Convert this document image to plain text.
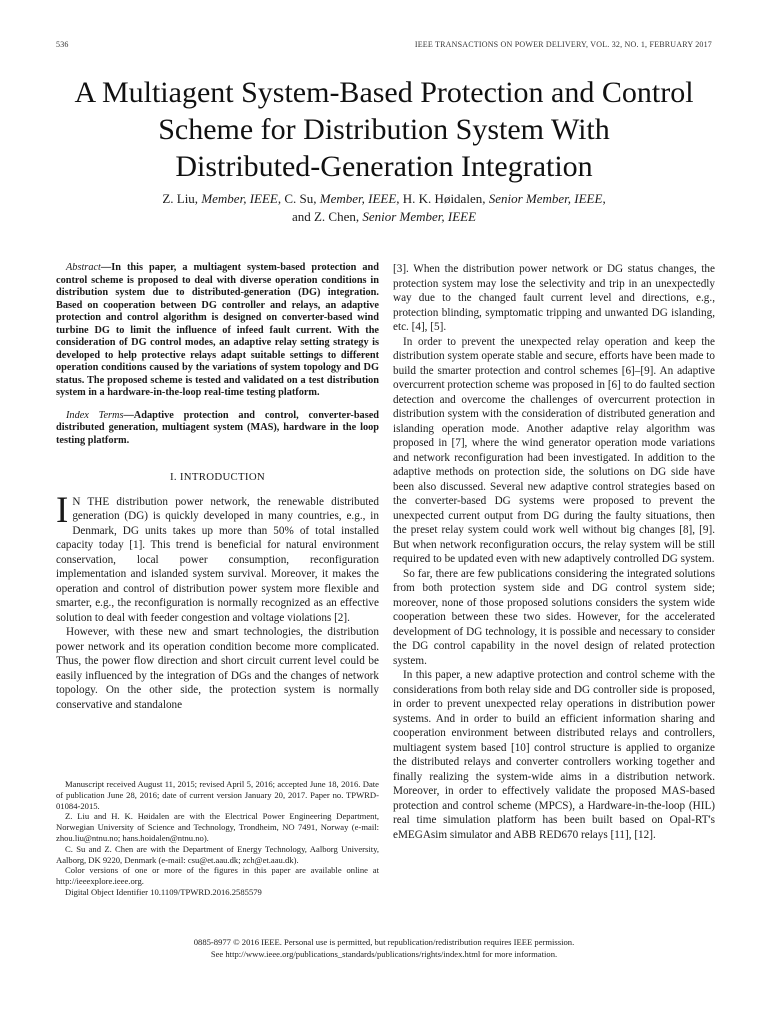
536	IEEE TRANSACTIONS ON POWER DELIVERY, VOL. 32, NO. 1, FEBRUARY 2017
A Multiagent System-Based Protection and Control
Scheme for Distribution System With
Distributed-Generation Integration
Z. Liu, Member, IEEE, C. Su, Member, IEEE, H. K. Høidalen, Senior Member, IEEE,
and Z. Chen, Senior Member, IEEE

Abstract—In this paper, a multiagent system-based protection and control scheme is proposed to deal with diverse operation conditions in distribution system due to distributed-generation (DG) integration. Based on cooperation between DG controller and relays, an adaptive protection and control algorithm is designed on converter-based wind turbine DG to limit the influence of infeed fault current. With the consideration of DG control modes, an adaptive relay setting strategy is developed to help protective relays adapt suitable settings to different operation conditions caused by the variations of system topology and DG status. The proposed scheme is tested and validated on a test distribution system in a hardware-in-the-loop real-time testing platform.

Index Terms—Adaptive protection and control, converter-based distributed generation, multiagent system (MAS), hardware in the loop testing platform.

I. INTRODUCTION

I N THE distribution power network, the renewable distributed generation (DG) is quickly developed in many countries, e.g., in Denmark, DG units takes up more than 50% of total installed capacity today [1]. This trend is beneficial for natural environment conservation, local power consumption, reconfiguration implementation and islanded system survival. Moreover, it makes the operation and control of distribution power system more flexible and smarter, e.g., the reconfiguration is normally recognized as an effective solution to deal with feeder congestion and voltage violations [2].

However, with these new and smart technologies, the distribution power network and its operation condition become more complicated. Thus, the power flow direction and short circuit current level could be easily influenced by the integration of DGs and the changes of network topology. On the other side, the protection system is normally conservative and standalone

Manuscript received August 11, 2015; revised April 5, 2016; accepted June 18, 2016. Date of publication June 28, 2016; date of current version January 20, 2017. Paper no. TPWRD-01084-2015.

Z. Liu and H. K. Høidalen are with the Electrical Power Engineering Department, Norwegian University of Science and Technology, Trondheim, NO 7491, Norway (e-mail: zhou.liu@ntnu.no; hans.hoidalen@ntnu.no).

C. Su and Z. Chen are with the Department of Energy Technology, Aalborg University, Aalborg, DK 9220, Denmark (e-mail: csu@et.aau.dk; zch@et.aau.dk).

Color versions of one or more of the figures in this paper are available online at http://ieeexplore.ieee.org.

Digital Object Identifier 10.1109/TPWRD.2016.2585579

[3]. When the distribution power network or DG status changes, the protection system may lose the selectivity and trip in an unexpectedly way due to the changed fault current level and directions, e.g., protection blinding, symptomatic tripping and unwanted DG islanding, etc. [4], [5].

In order to prevent the unexpected relay operation and keep the distribution system operate stable and secure, efforts have been made to build the smarter protection and control schemes [6]–[9]. An adaptive overcurrent protection scheme was proposed in [6] to do faulted section detection and overcome the challenges of overcurrent protection in distribution system with the consideration of distributed generation and islanding operation mode. Another adaptive relay algorithm was proposed in [7], where the wind generator operation mode variations and network reconfiguration had been investigated. In addition to the adaptive methods on protection side, the solutions on DG side have been also discussed. Several new adaptive control strategies based on the converter-based DG systems were proposed to prevent the unexpected current output from DG during the faulty situations, then the preset relay system could work well without big changes [8], [9]. But when network reconfiguration occurs, the relay system will be still required to be updated even with new adaptively controlled DG system.

So far, there are few publications considering the integrated solutions from both protection system side and DG control system side; moreover, none of those proposed solutions considers the system wide cooperation between these two sides. However, for the accelerated development of DG technology, it is possible and necessary to consider the DG control capability in the novel design of related protection system.

In this paper, a new adaptive protection and control scheme with the considerations from both relay side and DG controller side is proposed, in order to prevent unexpected relay operations in distribution power systems. And in order to build an efficient information sharing and cooperation environment between distributed relays and controllers, multiagent system based [10] control structure is applied to organize the distributed relays and converter controllers working together and finally realizing the system-wide aims in a distribution network. Moreover, in order to effectively validate the proposed MAS-based protection and control scheme (MPCS), a Hardware-in-the-loop (HIL) real time simulation platform has been built based on Opal-RT's eMEGAsim simulator and ABB RED670 relays [11], [12].

0885-8977 © 2016 IEEE. Personal use is permitted, but republication/redistribution requires IEEE permission.
See http://www.ieee.org/publications_standards/publications/rights/index.html for more information.
